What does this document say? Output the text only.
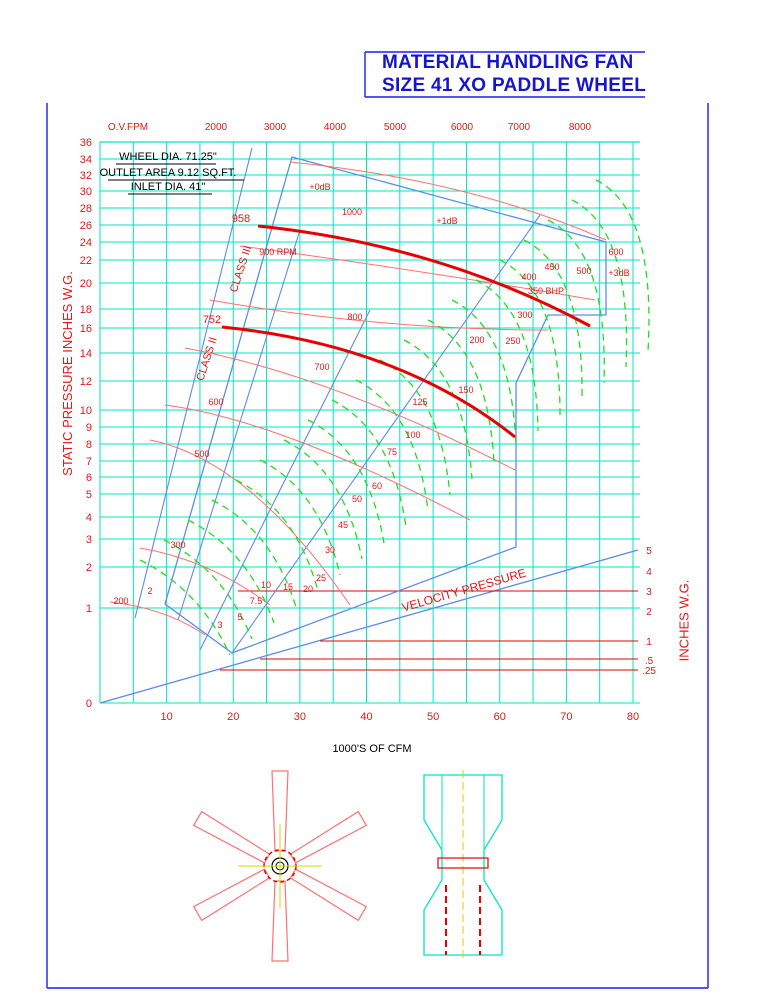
5
4
3
2
1
.5
.25
958
752
10	20	30	40	50	60	70	80
O.V.FPM	2000	3000	4000	5000	6000	7000	8000
0
1
2
3
4
5
6
7
8
9
10
12
14
16
18
20
22
24
26
28
30
32
34
36
1000'S OF CFM
VELOCITY PRESSURE
WHEEL DIA. 71.25"
OUTLET AREA 9.12 SQ.FT.
INLET DIA. 41"
CLASS III
CLASS II
200
300
500
600
700
800
900 RPM
1000
2
3
5
7.5
10 15 20
25
30
45
50
60
75
100
125
150
200 250
300
350 BHP
400
450 500
600
+0dB
+1dB
+3dB
MATERIAL HANDLING FAN
SIZE 41 XO PADDLE WHEEL
STATIC PRESSURE INCHES W.G.
INCHES W.G.
